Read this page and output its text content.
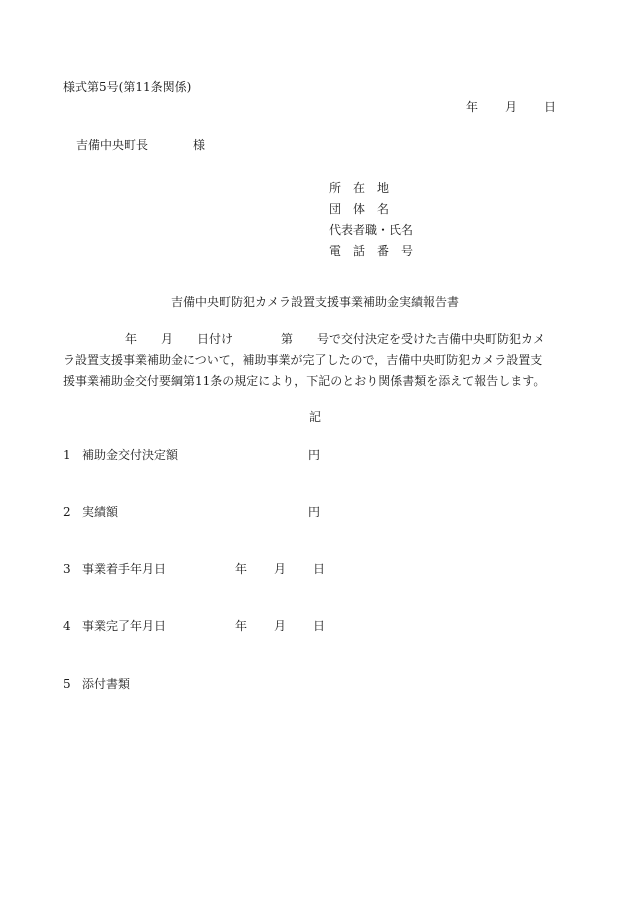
様式第5号(第11条関係)
年 月 日
吉備中央町長	様
所　在　地
団　体　名
代表者職・氏名
電　話　番　号
吉備中央町防犯カメラ設置支援事業補助金実績報告書
年　　月　　日付け　　　　第　　号で交付決定を受けた吉備中央町防犯カメ
ラ設置支援事業補助金について，補助事業が完了したので，吉備中央町防犯カメラ設置支
援事業補助金交付要綱第11条の規定により，下記のとおり関係書類を添えて報告します。
記
1 補助金交付決定額	円
2 実績額	円
3 事業着手年月日	年 月 日
4 事業完了年月日	年 月 日
5 添付書類
